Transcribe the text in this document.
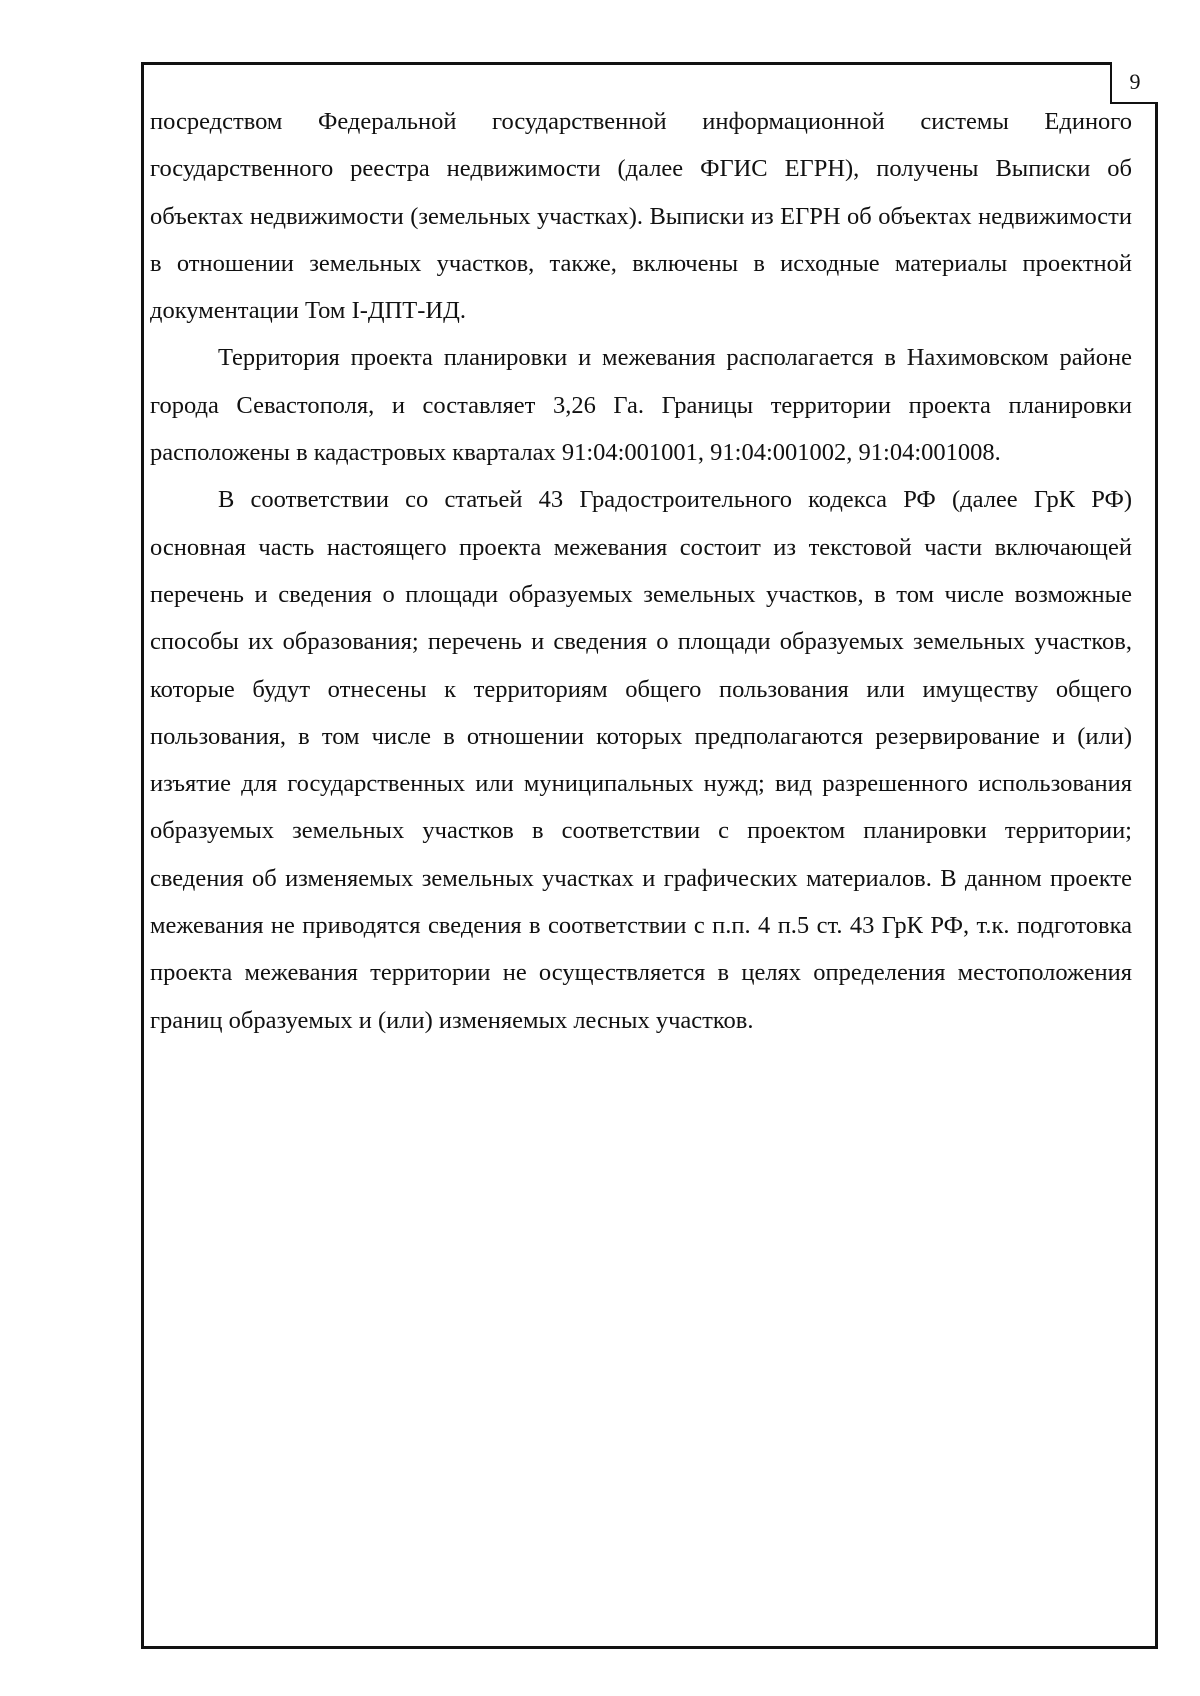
9

посредством Федеральной государственной информационной системы Единого государственного реестра недвижимости (далее ФГИС ЕГРН), получены Выписки об объектах недвижимости (земельных участках). Выписки из ЕГРН об объектах недвижимости в отношении земельных участков, также, включены в исходные материалы проектной документации Том I-ДПТ-ИД.

Территория проекта планировки и межевания располагается в Нахимовском районе города Севастополя, и составляет 3,26 Га. Границы территории проекта планировки расположены в кадастровых кварталах 91:04:001001, 91:04:001002, 91:04:001008.

В соответствии со статьей 43 Градостроительного кодекса РФ (далее ГрК РФ) основная часть настоящего проекта межевания состоит из текстовой части включающей перечень и сведения о площади образуемых земельных участков, в том числе возможные способы их образования; перечень и сведения о площади образуемых земельных участков, которые будут отнесены к территориям общего пользования или имуществу общего пользования, в том числе в отношении которых предполагаются резервирование и (или) изъятие для государственных или муниципальных нужд; вид разрешенного использования образуемых земельных участков в соответствии с проектом планировки территории; сведения об изменяемых земельных участках и графических материалов. В данном проекте межевания не приводятся сведения в соответствии с п.п. 4 п.5 ст. 43 ГрК РФ, т.к. подготовка проекта межевания территории не осуществляется в целях определения местоположения границ образуемых и (или) изменяемых лесных участков.
